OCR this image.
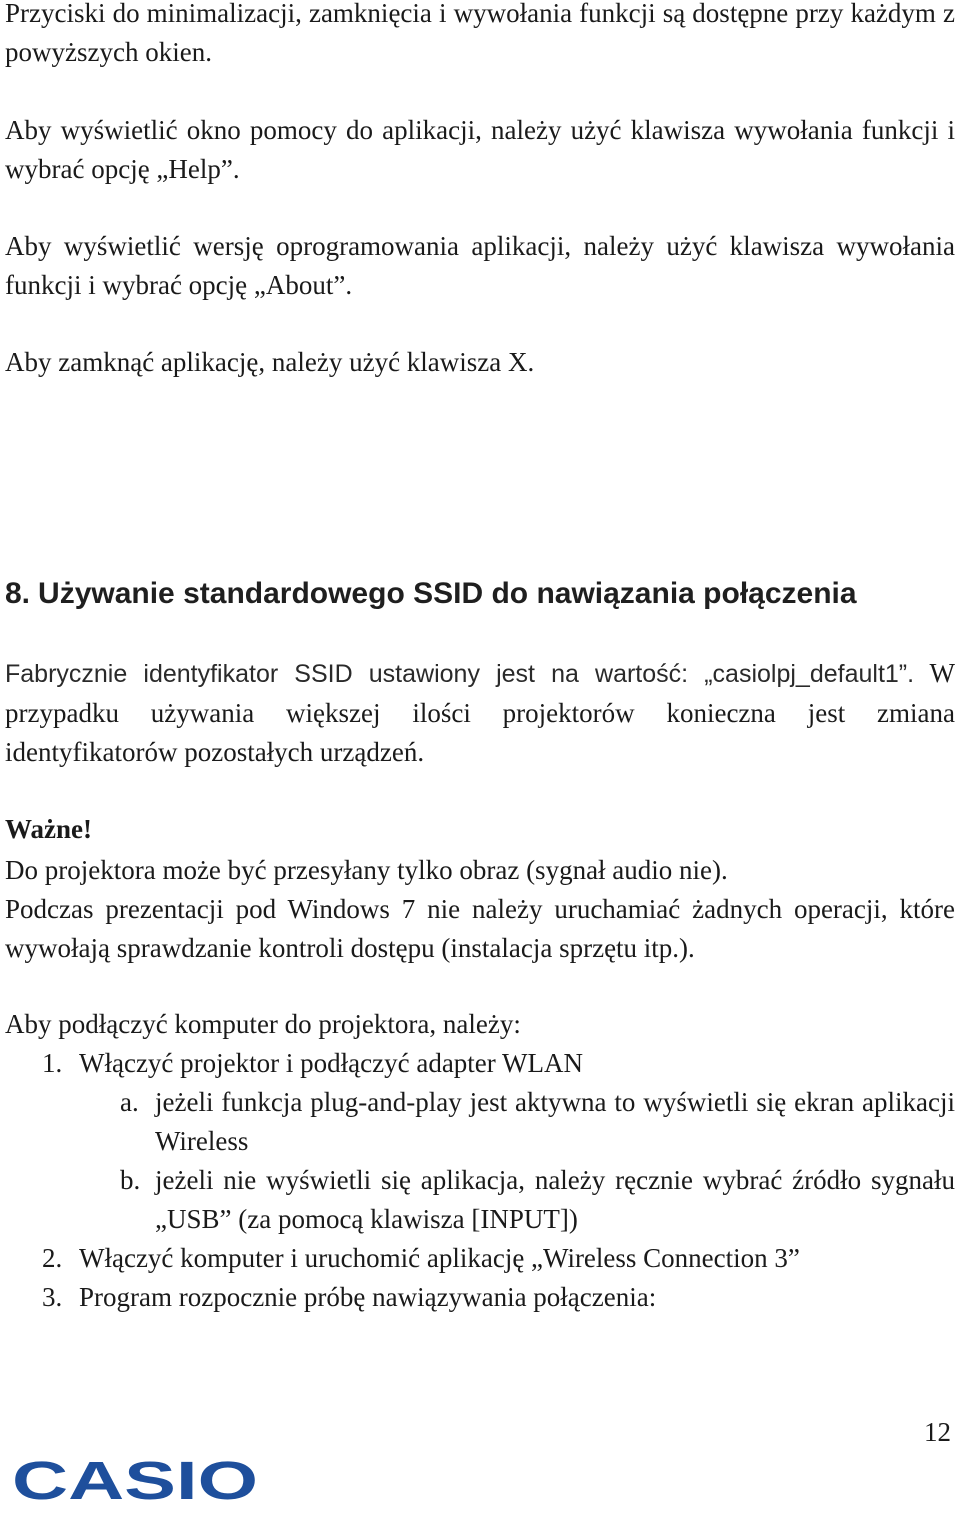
Przyciski do minimalizacji, zamknięcia i wywołania funkcji są dostępne przy każdym z powyższych okien.

Aby wyświetlić okno pomocy do aplikacji, należy użyć klawisza wywołania funkcji i wybrać opcję „Help”.

Aby wyświetlić wersję oprogramowania aplikacji, należy użyć klawisza wywołania funkcji i wybrać opcję „About”.

Aby zamknąć aplikację, należy użyć klawisza X.

8. Używanie standardowego SSID do nawiązania połączenia

Fabrycznie identyfikator SSID ustawiony jest na wartość: „casiolpj_default1”. W przypadku używania większej ilości projektorów konieczna jest zmiana identyfikatorów pozostałych urządzeń.

Ważne!

Do projektora może być przesyłany tylko obraz (sygnał audio nie).

Podczas prezentacji pod Windows 7 nie należy uruchamiać żadnych operacji, które wywołają sprawdzanie kontroli dostępu (instalacja sprzętu itp.).

Aby podłączyć komputer do projektora, należy:

1. Włączyć projektor i podłączyć adapter WLAN
a. jeżeli funkcja plug-and-play jest aktywna to wyświetli się ekran aplikacji Wireless
b. jeżeli nie wyświetli się aplikacja, należy ręcznie wybrać źródło sygnału „USB” (za pomocą klawisza [INPUT])
2. Włączyć komputer i uruchomić aplikację „Wireless Connection 3”
3. Program rozpocznie próbę nawiązywania połączenia:
12
CASIO
